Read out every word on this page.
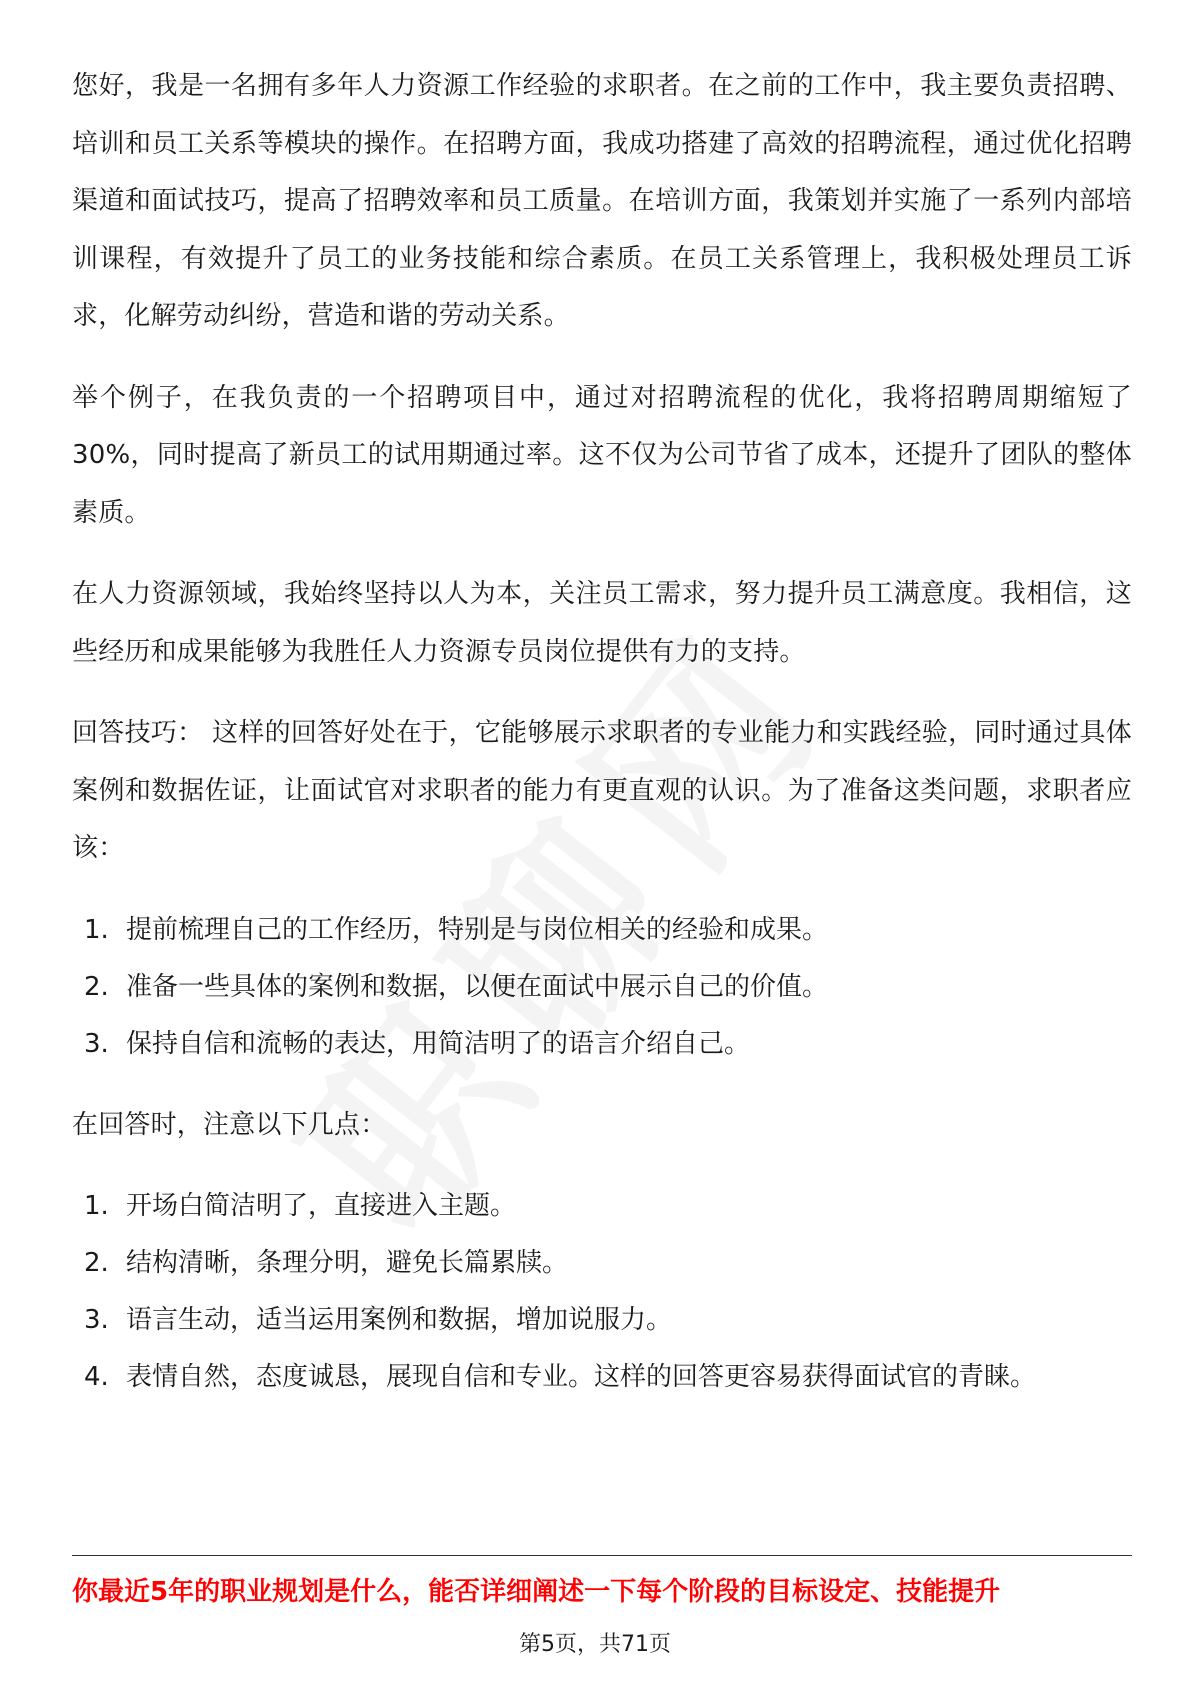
您好，我是一名拥有多年人力资源工作经验的求职者。在之前的工作中，我主要负责招聘、培训和员工关系等模块的操作。在招聘方面，我成功搭建了高效的招聘流程，通过优化招聘渠道和面试技巧，提高了招聘效率和员工质量。在培训方面，我策划并实施了一系列内部培训课程，有效提升了员工的业务技能和综合素质。在员工关系管理上，我积极处理员工诉求，化解劳动纠纷，营造和谐的劳动关系。

举个例子，在我负责的一个招聘项目中，通过对招聘流程的优化，我将招聘周期缩短了30%，同时提高了新员工的试用期通过率。这不仅为公司节省了成本，还提升了团队的整体素质。

在人力资源领域，我始终坚持以人为本，关注员工需求，努力提升员工满意度。我相信，这些经历和成果能够为我胜任人力资源专员岗位提供有力的支持。

回答技巧： 这样的回答好处在于，它能够展示求职者的专业能力和实践经验，同时通过具体案例和数据佐证，让面试官对求职者的能力有更直观的认识。为了准备这类问题，求职者应该：

1. 提前梳理自己的工作经历，特别是与岗位相关的经验和成果。
2. 准备一些具体的案例和数据，以便在面试中展示自己的价值。
3. 保持自信和流畅的表达，用简洁明了的语言介绍自己。

在回答时，注意以下几点：

1. 开场白简洁明了，直接进入主题。
2. 结构清晰，条理分明，避免长篇累牍。
3. 语言生动，适当运用案例和数据，增加说服力。
4. 表情自然，态度诚恳，展现自信和专业。这样的回答更容易获得面试官的青睐。
你最近5年的职业规划是什么，能否详细阐述一下每个阶段的目标设定、技能提升
第5页，共71页
